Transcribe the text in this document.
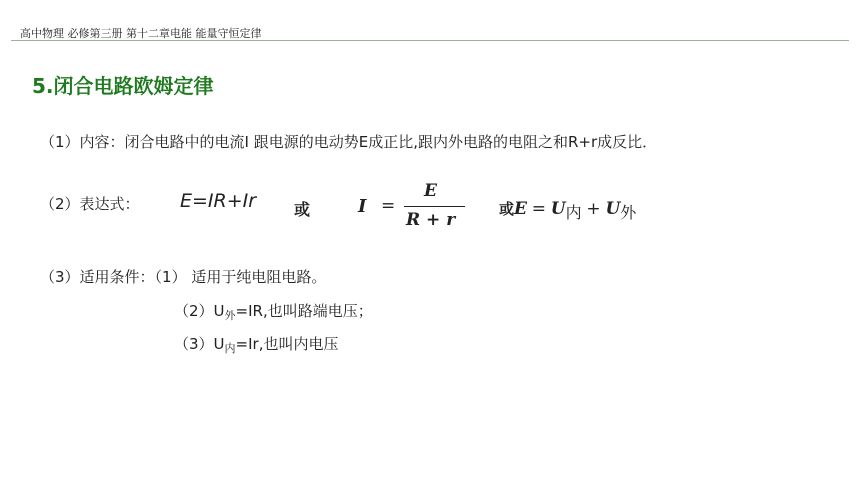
高中物理 必修第三册 第十二章电能 能量守恒定律
5.闭合电路欧姆定律
（1）内容：闭合电路中的电流I 跟电源的电动势E成正比,跟内外电路的电阻之和R+r成反比．
（2）表达式： E=IR+Ir 或	I =
E
R + r
或E = U内 + U外
（3）适用条件：（1） 适用于纯电阻电路。
$(2)U_外=IR$,也叫路端电压；
$(3)U_内=Ir$,也叫内电压
